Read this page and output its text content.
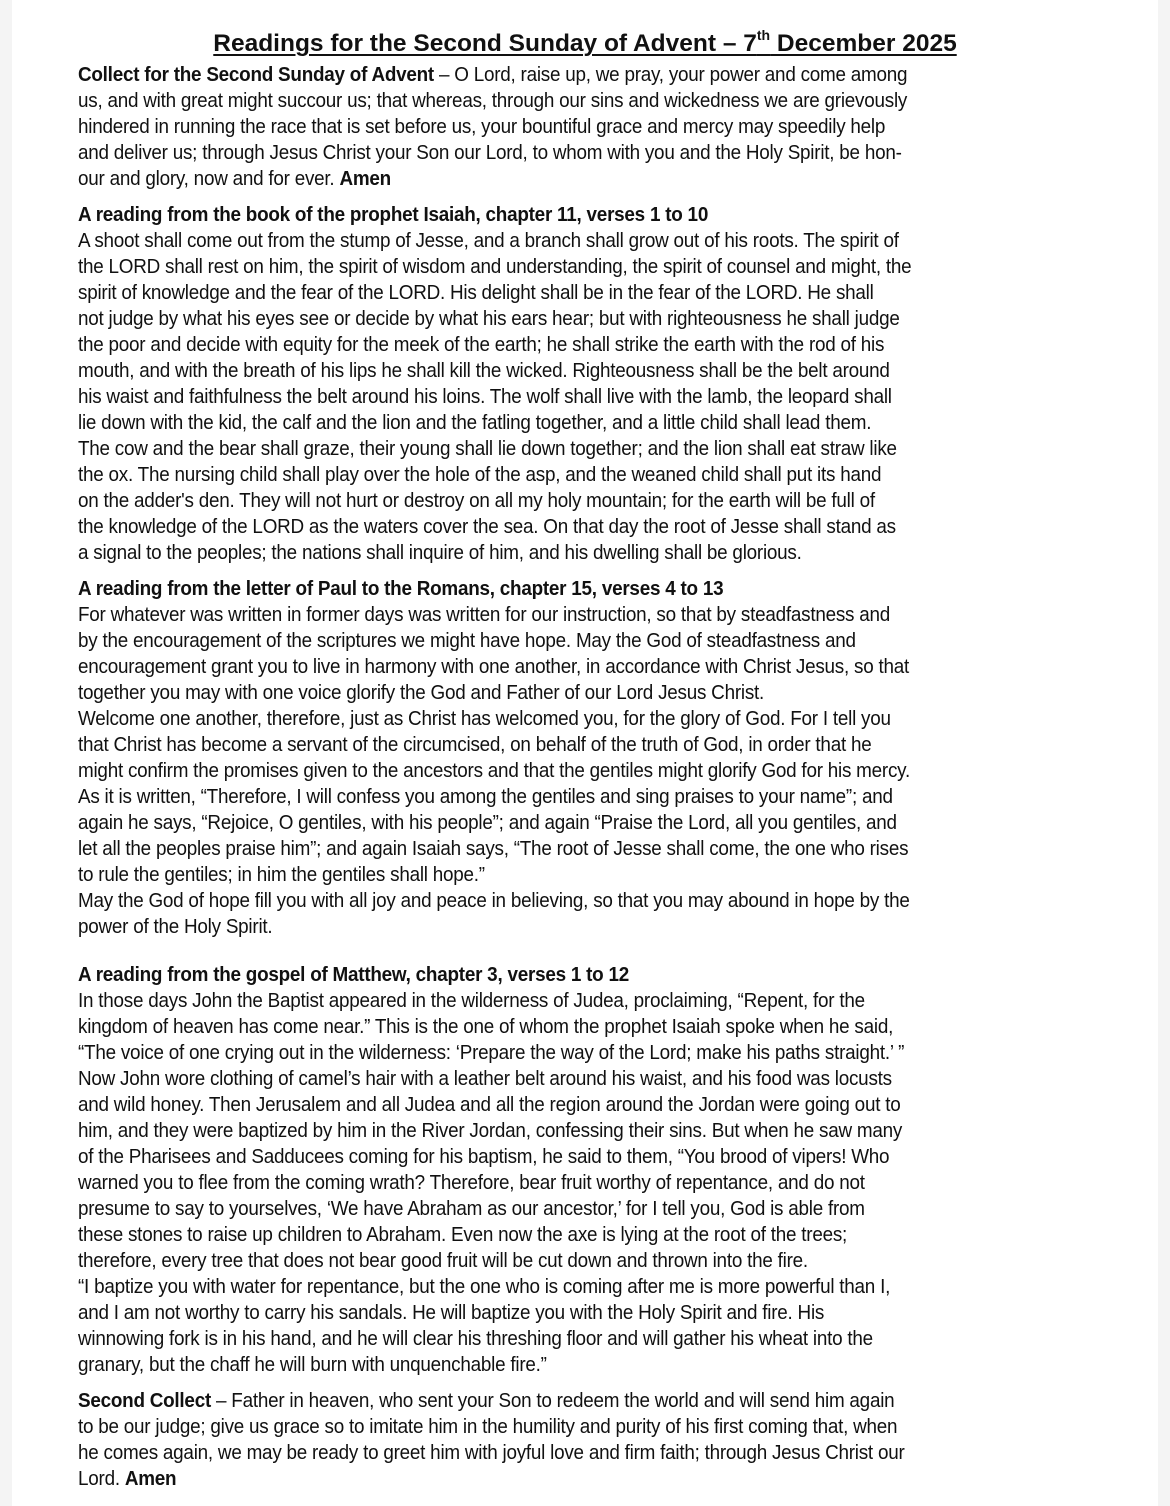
Readings for the Second Sunday of Advent – 7th December 2025
Collect for the Second Sunday of Advent – O Lord, raise up, we pray, your power and come among
us, and with great might succour us; that whereas, through our sins and wickedness we are grievously
hindered in running the race that is set before us, your bountiful grace and mercy may speedily help
and deliver us; through Jesus Christ your Son our Lord, to whom with you and the Holy Spirit, be hon-
our and glory, now and for ever. Amen
A reading from the book of the prophet Isaiah, chapter 11, verses 1 to 10
A shoot shall come out from the stump of Jesse, and a branch shall grow out of his roots. The spirit of
the LORD shall rest on him, the spirit of wisdom and understanding, the spirit of counsel and might, the
spirit of knowledge and the fear of the LORD. His delight shall be in the fear of the LORD. He shall
not judge by what his eyes see or decide by what his ears hear; but with righteousness he shall judge
the poor and decide with equity for the meek of the earth; he shall strike the earth with the rod of his
mouth, and with the breath of his lips he shall kill the wicked. Righteousness shall be the belt around
his waist and faithfulness the belt around his loins. The wolf shall live with the lamb, the leopard shall
lie down with the kid, the calf and the lion and the fatling together, and a little child shall lead them.
The cow and the bear shall graze, their young shall lie down together; and the lion shall eat straw like
the ox. The nursing child shall play over the hole of the asp, and the weaned child shall put its hand
on the adder's den. They will not hurt or destroy on all my holy mountain; for the earth will be full of
the knowledge of the LORD as the waters cover the sea. On that day the root of Jesse shall stand as
a signal to the peoples; the nations shall inquire of him, and his dwelling shall be glorious.
A reading from the letter of Paul to the Romans, chapter 15, verses 4 to 13
For whatever was written in former days was written for our instruction, so that by steadfastness and
by the encouragement of the scriptures we might have hope. May the God of steadfastness and
encouragement grant you to live in harmony with one another, in accordance with Christ Jesus, so that
together you may with one voice glorify the God and Father of our Lord Jesus Christ.
Welcome one another, therefore, just as Christ has welcomed you, for the glory of God. For I tell you
that Christ has become a servant of the circumcised, on behalf of the truth of God, in order that he
might confirm the promises given to the ancestors and that the gentiles might glorify God for his mercy.
As it is written, “Therefore, I will confess you among the gentiles and sing praises to your name”; and
again he says, “Rejoice, O gentiles, with his people”; and again “Praise the Lord, all you gentiles, and
let all the peoples praise him”; and again Isaiah says, “The root of Jesse shall come, the one who rises
to rule the gentiles; in him the gentiles shall hope.”
May the God of hope fill you with all joy and peace in believing, so that you may abound in hope by the
power of the Holy Spirit.
A reading from the gospel of Matthew, chapter 3, verses 1 to 12
In those days John the Baptist appeared in the wilderness of Judea, proclaiming, “Repent, for the
kingdom of heaven has come near.” This is the one of whom the prophet Isaiah spoke when he said,
“The voice of one crying out in the wilderness: ‘Prepare the way of the Lord; make his paths straight.’ ”
Now John wore clothing of camel’s hair with a leather belt around his waist, and his food was locusts
and wild honey. Then Jerusalem and all Judea and all the region around the Jordan were going out to
him, and they were baptized by him in the River Jordan, confessing their sins. But when he saw many
of the Pharisees and Sadducees coming for his baptism, he said to them, “You brood of vipers! Who
warned you to flee from the coming wrath? Therefore, bear fruit worthy of repentance, and do not
presume to say to yourselves, ‘We have Abraham as our ancestor,’ for I tell you, God is able from
these stones to raise up children to Abraham. Even now the axe is lying at the root of the trees;
therefore, every tree that does not bear good fruit will be cut down and thrown into the fire.
“I baptize you with water for repentance, but the one who is coming after me is more powerful than I,
and I am not worthy to carry his sandals. He will baptize you with the Holy Spirit and fire. His
winnowing fork is in his hand, and he will clear his threshing floor and will gather his wheat into the
granary, but the chaff he will burn with unquenchable fire.”
Second Collect – Father in heaven, who sent your Son to redeem the world and will send him again
to be our judge; give us grace so to imitate him in the humility and purity of his first coming that, when
he comes again, we may be ready to greet him with joyful love and firm faith; through Jesus Christ our
Lord. Amen
